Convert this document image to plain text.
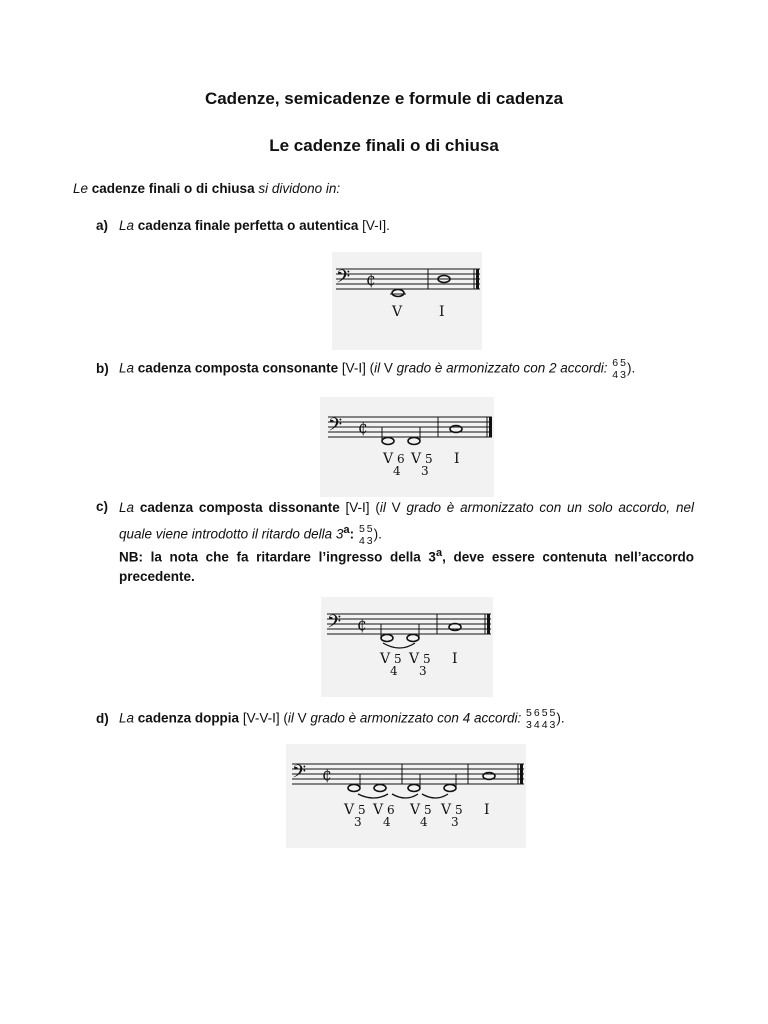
Cadenze, semicadenze e formule di cadenza
Le cadenze finali o di chiusa
Le cadenze finali o di chiusa si dividono in:
a) La cadenza finale perfetta o autentica [V-I].
𝄢 ₵
V	I
b) La cadenza composta consonante [V-I] (il V grado è armonizzato con 2 accordi: 6
4
5
3 ).
𝄢 ₵
V 6
4
V 5
3
I
c) La cadenza composta dissonante [V-I] (il V grado è armonizzato con un solo accordo, nel quale viene introdotto il ritardo della 3$^a$: 5
4
5
3 ).
NB: la nota che fa ritardare l’ingresso della 3$^a$, deve essere contenuta nell’accordo precedente.
𝄢 ₵
V 5
4
V 5
3
I
d) La cadenza doppia [V-V-I] (il V grado è armonizzato con 4 accordi: 5
3
6
4
5
4
5
3 ).
𝄢 ₵
V 5
3
V 6
4
V 5
4
V 5
3
I
